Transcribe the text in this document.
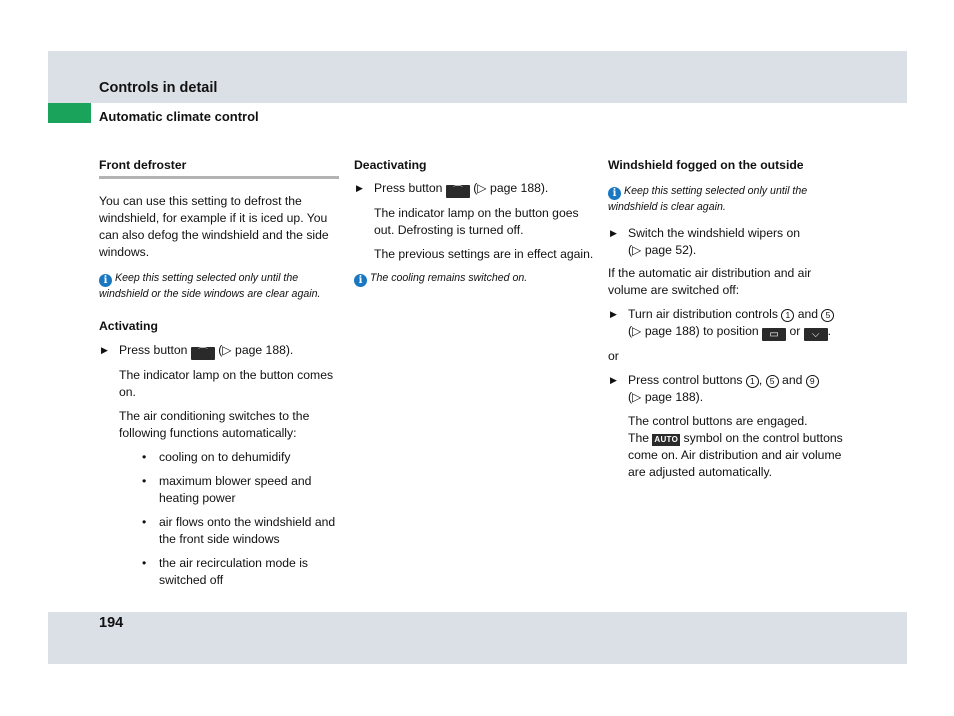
Controls in detail
Automatic climate control

Front defroster

You can use this setting to defrost the windshield, for example if it is iced up. You can also defog the windshield and the side windows.

i Keep this setting selected only until the windshield or the side windows are clear again.

Activating

▶ Press button ⌒ (▷ page 188).

The indicator lamp on the button comes on.

The air conditioning switches to the following functions automatically:

• cooling on to dehumidify
• maximum blower speed and heating power
• air flows onto the windshield and the front side windows
• the air recirculation mode is switched off

Deactivating

▶ Press button ⌒ (▷ page 188).

The indicator lamp on the button goes out. Defrosting is turned off.

The previous settings are in effect again.

i The cooling remains switched on.

Windshield fogged on the outside

i Keep this setting selected only until the windshield is clear again.

▶ Switch the windshield wipers on
(▷ page 52).

If the automatic air distribution and air volume are switched off:

▶ Turn air distribution controls 1 and 5
(▷ page 188) to position ▭ or ⌵ .

or

▶ Press control buttons 1 , 5 and 9
(▷ page 188).

The control buttons are engaged.
The AUTO symbol on the control buttons come on. Air distribution and air volume are adjusted automatically.

194
